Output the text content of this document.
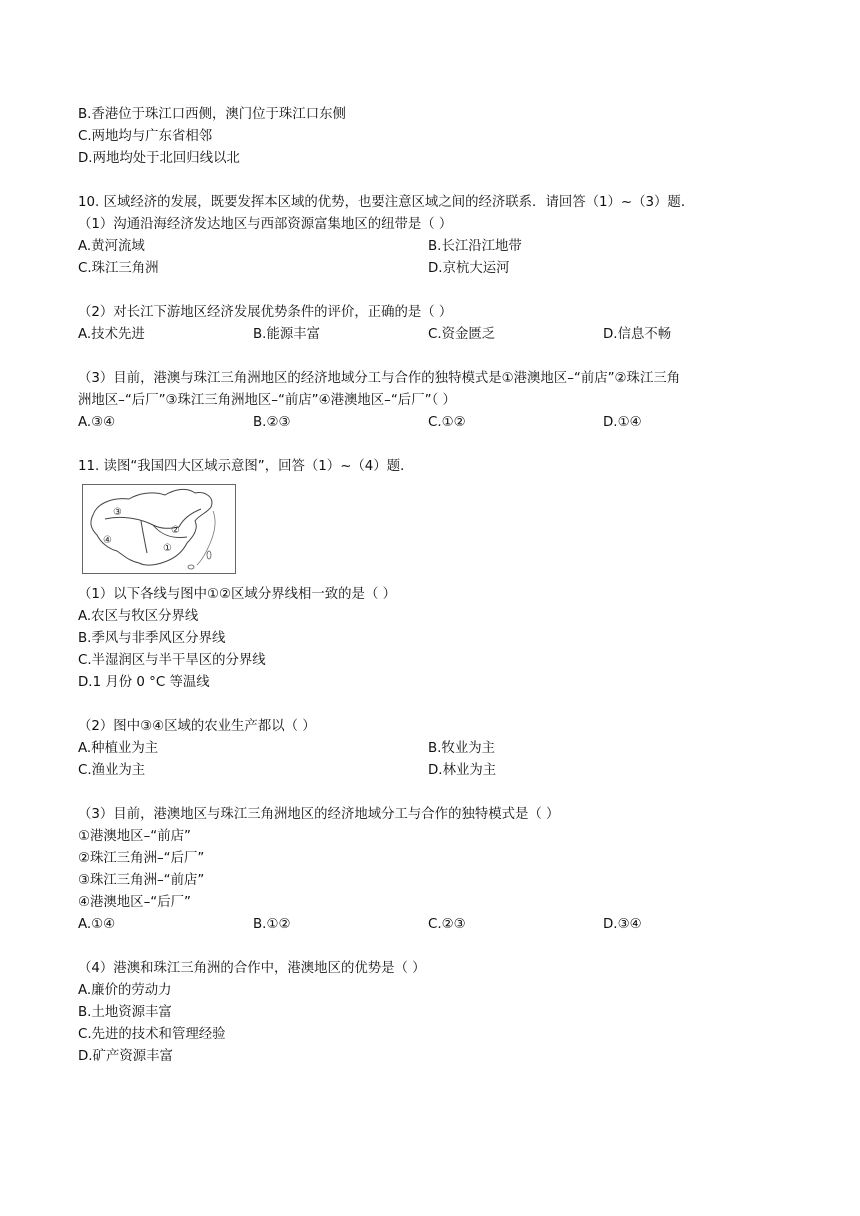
B.香港位于珠江口西侧，澳门位于珠江口东侧
C.两地均与广东省相邻
D.两地均处于北回归线以北
10. 区域经济的发展，既要发挥本区域的优势，也要注意区域之间的经济联系．请回答（1）~（3）题．
（1）沟通沿海经济发达地区与西部资源富集地区的纽带是（ ）
A.黄河流域	B.长江沿江地带
C.珠江三角洲	D.京杭大运河
（2）对长江下游地区经济发展优势条件的评价，正确的是（ ）
A.技术先进	B.能源丰富	C.资金匮乏	D.信息不畅
（3）目前，港澳与珠江三角洲地区的经济地域分工与合作的独特模式是①港澳地区–“前店”②珠江三角
洲地区–“后厂”③珠江三角洲地区–“前店”④港澳地区–“后厂”（ ）
A.③④	B.②③	C.①②	D.①④
11. 读图“我国四大区域示意图”，回答（1）~（4）题．
③
②
④
①
（1）以下各线与图中①②区域分界线相一致的是（ ）
A.农区与牧区分界线
B.季风与非季风区分界线
C.半湿润区与半干旱区的分界线
D.1 月份 0 °C 等温线
（2）图中③④区域的农业生产都以（ ）
A.种植业为主	B.牧业为主
C.渔业为主	D.林业为主
（3）目前，港澳地区与珠江三角洲地区的经济地域分工与合作的独特模式是（ ）
①港澳地区–“前店”
②珠江三角洲–“后厂”
③珠江三角洲–“前店”
④港澳地区–“后厂”
A.①④	B.①②	C.②③	D.③④
（4）港澳和珠江三角洲的合作中，港澳地区的优势是（ ）
A.廉价的劳动力
B.土地资源丰富
C.先进的技术和管理经验
D.矿产资源丰富
